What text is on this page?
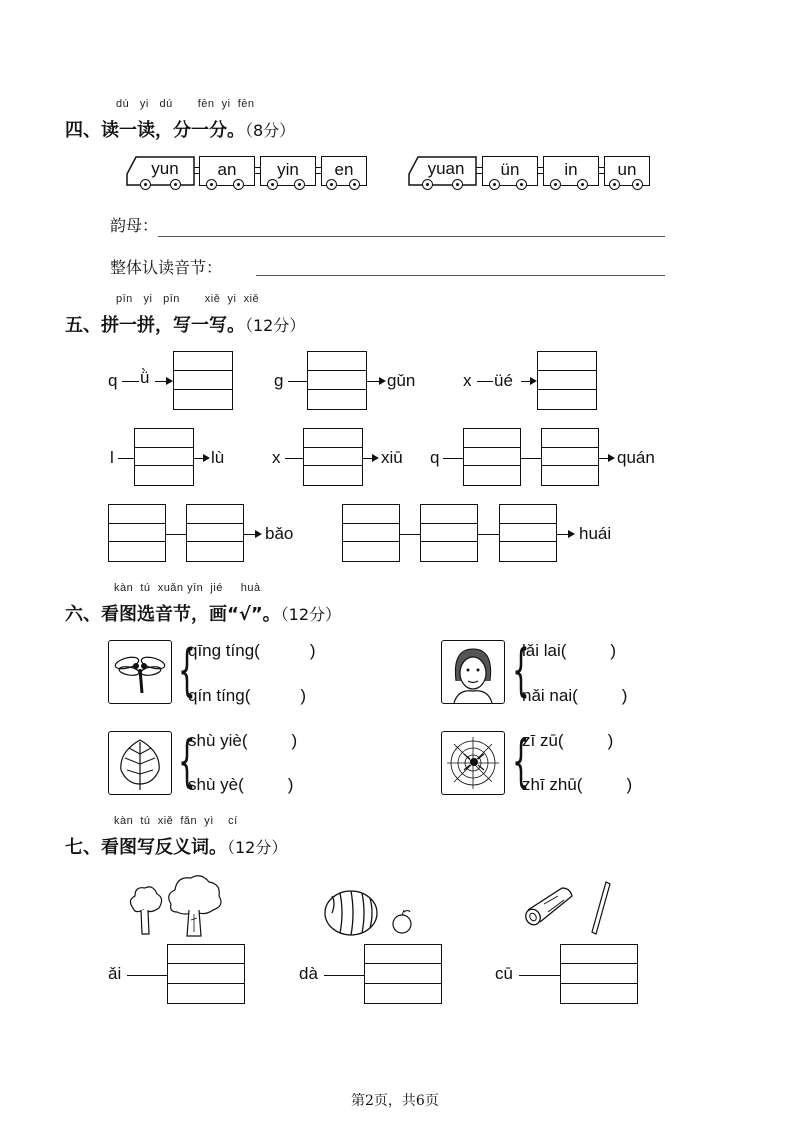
dú yi dú fēn yi fēn
四、读一读，分一分。（8分）
yun	an	yin	en	yuan	ün	in	un
韵母：
整体认读音节：
pīn yi pīn xiě yi xiě
五、拼一拼，写一写。（12分）
q ǜ	g	gǔn	x üé
l	lù	x	xiū q	quán
bǎo	huái
kàn tú xuǎn yīn jié huà
六、看图选音节，画“√”。（12分）
{
qīng tíng(	)
qín tíng(	)	{
lǎi lai(	)
nǎi nai(	)
{
shù yiè(	)
shù yè(	)	{
zī zū(	)
zhī zhū(	)
kàn tú xiě fǎn yì cí
七、看图写反义词。（12分）
ǎi	dà	cū
第2页，共6页
